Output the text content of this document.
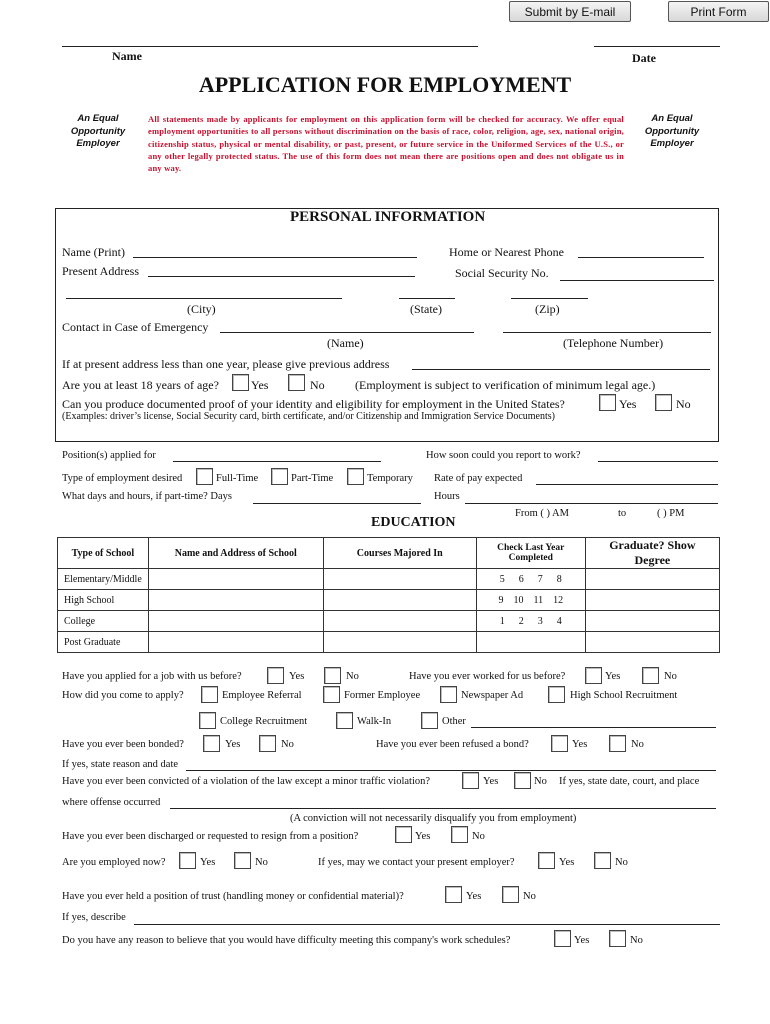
Submit by E-mail	Print Form
Name	Date
APPLICATION FOR EMPLOYMENT
An Equal Opportunity Employer
An Equal Opportunity Employer
All statements made by applicants for employment on this application form will be checked for accuracy. We offer equal employment opportunities to all persons without discrimination on the basis of race, color, religion, age, sex, national origin, citizenship status, physical or mental disability, or past, present, or future service in the Uniformed Services of the U.S., or any other legally protected status. The use of this form does not mean there are positions open and does not obligate us in any way.
PERSONAL INFORMATION
Name (Print)	Home or Nearest Phone
Present Address	Social Security No.
(City)	(State)	(Zip)
Contact in Case of Emergency
(Name)	(Telephone Number)
If at present address less than one year, please give previous address
Are you at least 18 years of age?	Yes	No	(Employment is subject to verification of minimum legal age.)
Can you produce documented proof of your identity and eligibility for employment in the United States?	Yes	No
(Examples: driver’s license, Social Security card, birth certificate, and/or Citizenship and Immigration Service Documents)
Position(s) applied for	How soon could you report to work?
Type of employment desired	Full-Time	Part-Time	Temporary Rate of pay expected
What days and hours, if part-time? Days	Hours
From ( ) AM	to	( ) PM
EDUCATION
Type of School	Name and Address of School	Courses Majored In	Check Last Year Completed	Graduate? Show Degree
Elementary/Middle			5 6 7 8	

High School			9 10 11 12	

College			1 2 3 4	

Post Graduate				
Have you applied for a job with us before?	Yes	No	Have you ever worked for us before?	Yes	No
How did you come to apply?	Employee Referral	Former Employee	Newspaper Ad	High School Recruitment
College Recruitment	Walk-In	Other
Have you ever been bonded?	Yes	No	Have you ever been refused a bond?	Yes	No
If yes, state reason and date
Have you ever been convicted of a violation of the law except a minor traffic violation?	Yes	No If yes, state date, court, and place
where offense occurred
(A conviction will not necessarily disqualify you from employment)
Have you ever been discharged or requested to resign from a position?	Yes	No
Are you employed now?	Yes	No	If yes, may we contact your present employer?	Yes	No
Have you ever held a position of trust (handling money or confidential material)?	Yes	No
If yes, describe
Do you have any reason to believe that you would have difficulty meeting this company's work schedules?	Yes	No
